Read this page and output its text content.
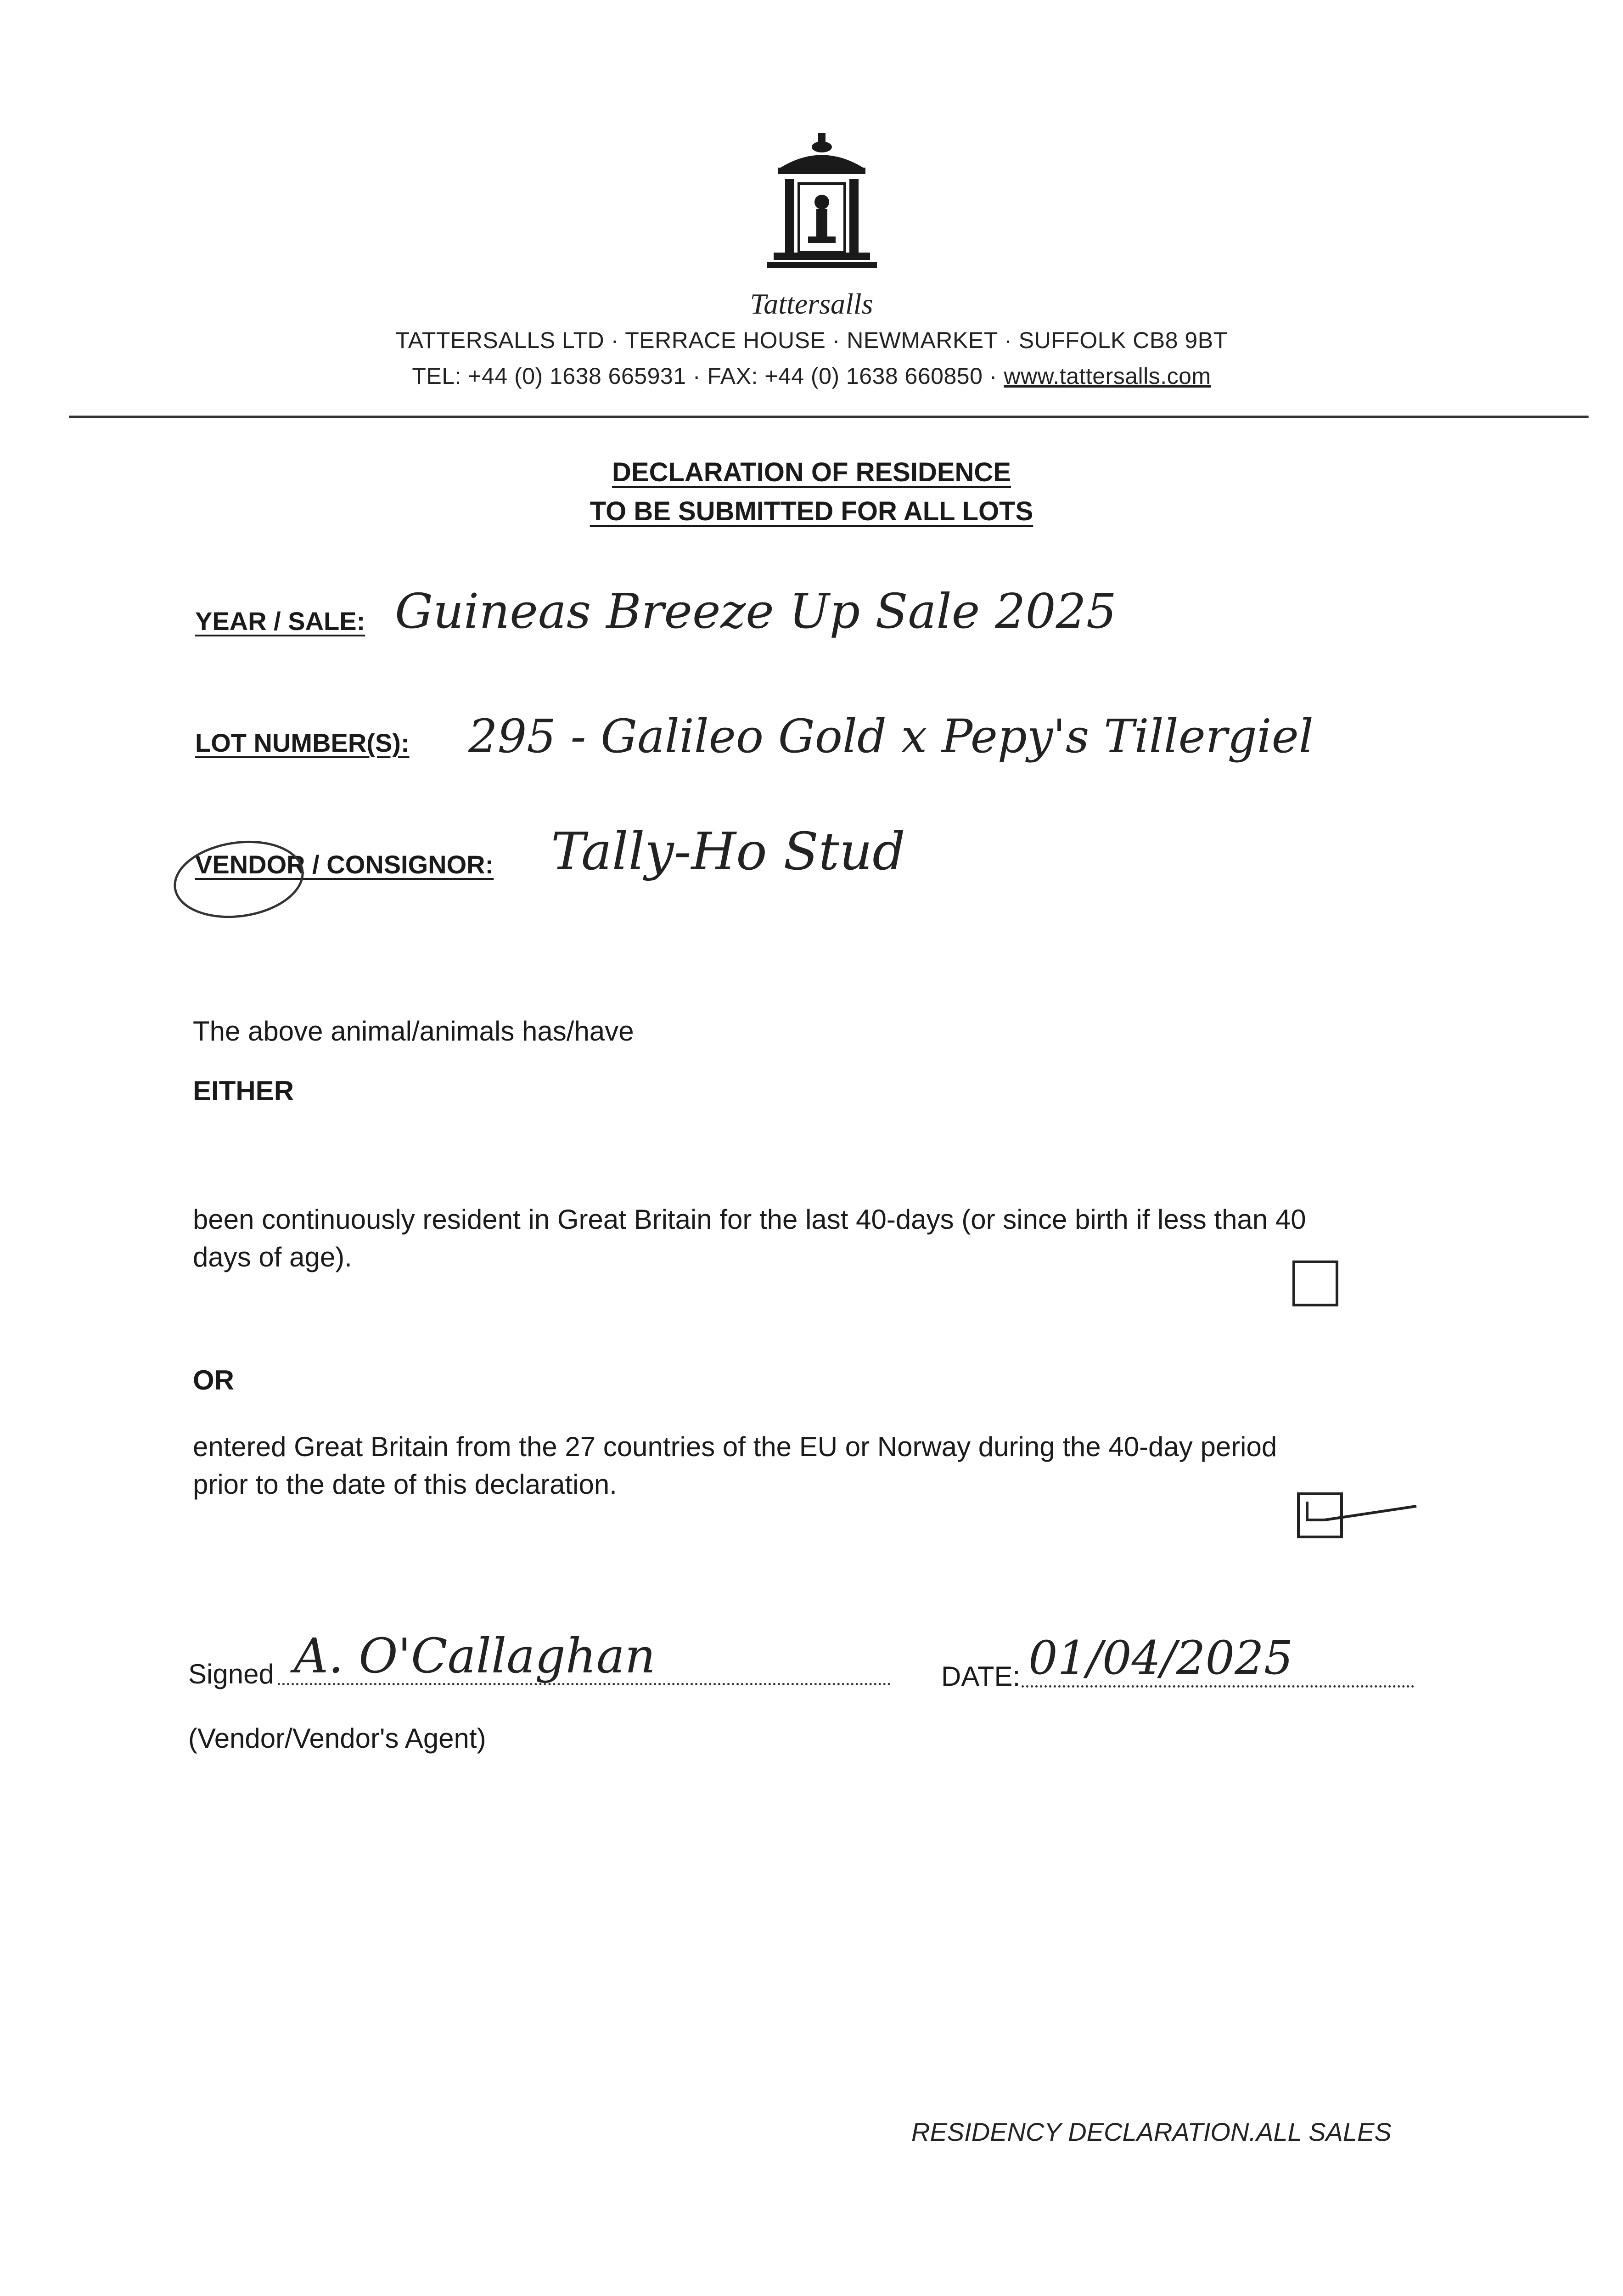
Tattersalls
TATTERSALLS LTD · TERRACE HOUSE · NEWMARKET · SUFFOLK CB8 9BT
TEL: +44 (0) 1638 665931 · FAX: +44 (0) 1638 660850 · www.tattersalls.com
DECLARATION OF RESIDENCE
TO BE SUBMITTED FOR ALL LOTS
YEAR / SALE: Guineas Breeze Up Sale 2025
LOT NUMBER(S): 295 - Galileo Gold x Pepy's Tillergiel
VENDOR / CONSIGNOR: Tally-Ho Stud
The above animal/animals has/have
EITHER
been continuously resident in Great Britain for the last 40-days (or since birth if less than 40
days of age).
OR
entered Great Britain from the 27 countries of the EU or Norway during the 40-day period
prior to the date of this declaration.
Signed A. O'Callaghan	DATE: 01/04/2025
(Vendor/Vendor's Agent)
RESIDENCY DECLARATION.ALL SALES
